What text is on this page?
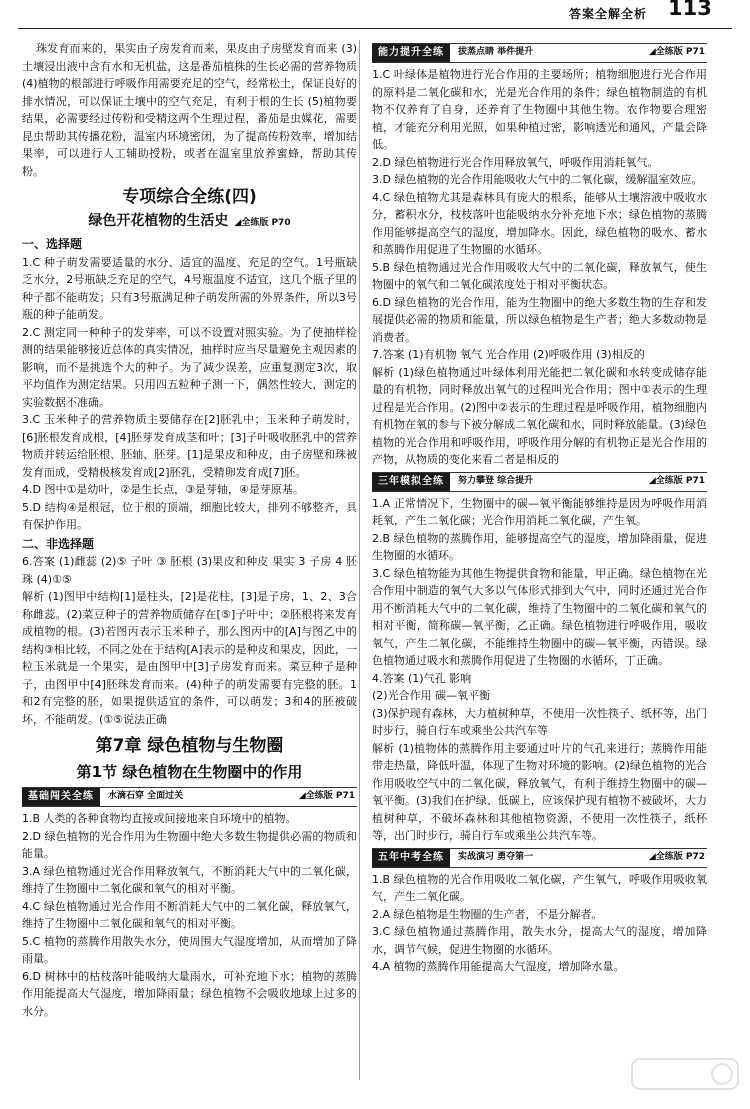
答案全解全析 113

珠发育而来的，果实由子房发育而来，果皮由子房壁发育而来 (3)土壤浸出液中含有水和无机盐，这是番茄植株的生长必需的营养物质 (4)植物的根部进行呼吸作用需要充足的空气，经常松土，保证良好的排水情况，可以保证土壤中的空气充足，有利于根的生长 (5)植物要结果，必需要经过传粉和受精这两个生理过程，番茄是虫媒花，需要昆虫帮助其传播花粉，温室内环境密闭，为了提高传粉效率，增加结果率，可以进行人工辅助授粉，或者在温室里放养蜜蜂，帮助其传粉。

专项综合全练(四)
绿色开花植物的生活史 ◢全练版 P70
一、选择题

1.C 种子萌发需要适量的水分、适宜的温度、充足的空气。1号瓶缺乏水分，2号瓶缺乏充足的空气，4号瓶温度不适宜，这几个瓶子里的种子都不能萌发；只有3号瓶满足种子萌发所需的外界条件，所以3号瓶的种子能萌发。

2.C 测定同一种种子的发芽率，可以不设置对照实验。为了使抽样检测的结果能够接近总体的真实情况，抽样时应当尽量避免主观因素的影响，而不是挑选个大的种子。为了减少误差，应重复测定3次，取平均值作为测定结果。只用四五粒种子测一下，偶然性较大，测定的实验数据不准确。

3.C 玉米种子的营养物质主要储存在[2]胚乳中；玉米种子萌发时，[6]胚根发育成根，[4]胚芽发育成茎和叶；[3]子叶吸收胚乳中的营养物质并转运给胚根、胚轴、胚芽。[1]是果皮和种皮，由子房壁和珠被发育而成，受精极核发育成[2]胚乳，受精卵发育成[7]胚。

4.D 图中①是幼叶，②是生长点，③是芽轴，④是芽原基。

5.D 结构④是根冠，位于根的顶端，细胞比较大，排列不够整齐，具有保护作用。

二、非选择题

6.答案 (1)雌蕊 (2)⑤ 子叶 ③ 胚根 (3)果皮和种皮 果实 3 子房 4 胚珠 (4)①⑤

解析 (1)图甲中结构[1]是柱头，[2]是花柱，[3]是子房，1、2、3合称雌蕊。(2)菜豆种子的营养物质储存在[⑤]子叶中；②胚根将来发育成植物的根。(3)若图丙表示玉米种子，那么图丙中的[A]与图乙中的结构③相比较，不同之处在于结构[A]表示的是种皮和果皮，因此，一粒玉米就是一个果实，是由图甲中[3]子房发育而来。菜豆种子是种子，由图甲中[4]胚珠发育而来。(4)种子的萌发需要有完整的胚。1和2有完整的胚，如果提供适宜的条件，可以萌发；3和4的胚被破坏，不能萌发。(①⑤说法正确

第7章 绿色植物与生物圈
第1节 绿色植物在生物圈中的作用
基础闯关全练	水滴石穿 全面过关	◢全练版 P71

1.B 人类的各种食物均直接或间接地来自环境中的植物。

2.D 绿色植物的光合作用为生物圈中绝大多数生物提供必需的物质和能量。

3.A 绿色植物通过光合作用释放氧气，不断消耗大气中的二氧化碳，维持了生物圈中二氧化碳和氧气的相对平衡。

4.C 绿色植物通过光合作用不断消耗大气中的二氧化碳，释放氧气，维持了生物圈中二氧化碳和氧气的相对平衡。

5.C 植物的蒸腾作用散失水分，使周围大气湿度增加，从而增加了降雨量。

6.D 树林中的枯枝落叶能吸纳大量雨水，可补充地下水；植物的蒸腾作用能提高大气湿度，增加降雨量；绿色植物不会吸收地球上过多的水分。

能力提升全练	拔蒸点睛 举件提升	◢全练版 P71

1.C 叶绿体是植物进行光合作用的主要场所；植物细胞进行光合作用的原料是二氧化碳和水，光是光合作用的条件；绿色植物制造的有机物不仅养育了自身，还养育了生物圈中其他生物。农作物要合理密植，才能充分利用光照，如果种植过密，影响透光和通风，产量会降低。

2.D 绿色植物进行光合作用释放氧气，呼吸作用消耗氧气。

3.D 绿色植物的光合作用能吸收大气中的二氧化碳，缓解温室效应。

4.C 绿色植物尤其是森林具有庞大的根系，能够从土壤溶液中吸收水分，蓄积水分，枝枝落叶也能吸纳水分补充地下水；绿色植物的蒸腾作用能够提高空气的湿度，增加降水。因此，绿色植物的吸水、蓄水和蒸腾作用促进了生物圈的水循环。

5.B 绿色植物通过光合作用吸收大气中的二氧化碳，释放氧气，使生物圈中的氧气和二氧化碳浓度处于相对平衡状态。

6.D 绿色植物的光合作用，能为生物圈中的绝大多数生物的生存和发展提供必需的物质和能量，所以绿色植物是生产者；绝大多数动物是消费者。

7.答案 (1)有机物 氧气 光合作用 (2)呼吸作用 (3)相反的

解析 (1)绿色植物通过叶绿体利用光能把二氧化碳和水转变成储存能量的有机物，同时释放出氧气的过程叫光合作用；图中①表示的生理过程是光合作用。(2)图中②表示的生理过程是呼吸作用，植物细胞内有机物在氧的参与下被分解成二氧化碳和水，同时释放能量。(3)绿色植物的光合作用和呼吸作用，呼吸作用分解的有机物正是光合作用的产物，从物质的变化来看二者是相反的

三年模拟全练	努力攀登 综合提升	◢全练版 P71

1.A 正常情况下，生物圈中的碳—氧平衡能够维持是因为呼吸作用消耗氧，产生二氧化碳；光合作用消耗二氧化碳，产生氧。

2.B 绿色植物的蒸腾作用，能够提高空气的湿度，增加降雨量，促进生物圈的水循环。

3.C 绿色植物能为其他生物提供食物和能量，甲正确。绿色植物在光合作用中制造的氧气大多以气体形式排到大气中，同时还通过光合作用不断消耗大气中的二氧化碳，维持了生物圈中的二氧化碳和氧气的相对平衡，简称碳—氧平衡，乙正确。绿色植物进行呼吸作用，吸收氧气，产生二氧化碳，不能维持生物圈中的碳—氧平衡，丙错误。绿色植物通过吸水和蒸腾作用促进了生物圈的水循环，丁正确。

4.答案 (1)气孔 影响

(2)光合作用 碳—氧平衡

(3)保护现有森林，大力植树种草，不使用一次性筷子、纸杯等，出门时步行，骑自行车或乘坐公共汽车等

解析 (1)植物体的蒸腾作用主要通过叶片的气孔来进行；蒸腾作用能带走热量，降低叶温，体现了生物对环境的影响。(2)绿色植物的光合作用吸收空气中的二氧化碳，释放氧气，有利于维持生物圈中的碳—氧平衡。(3)我们在护绿、低碳上，应该保护现有植物不被破坏，大力植树种草，不破坏森林和其他植物资源，不使用一次性筷子，纸杯等，出门时步行，骑自行车或乘坐公共汽车等。

五年中考全练	实战演习 勇夺第一	◢全练版 P72

1.B 绿色植物的光合作用吸收二氧化碳，产生氧气，呼吸作用吸收氧气，产生二氧化碳。

2.A 绿色植物是生物圈的生产者，不是分解者。

3.C 绿色植物通过蒸腾作用，散失水分，提高大气的湿度，增加降水，调节气候，促进生物圈的水循环。

4.A 植物的蒸腾作用能提高大气湿度，增加降水量。
